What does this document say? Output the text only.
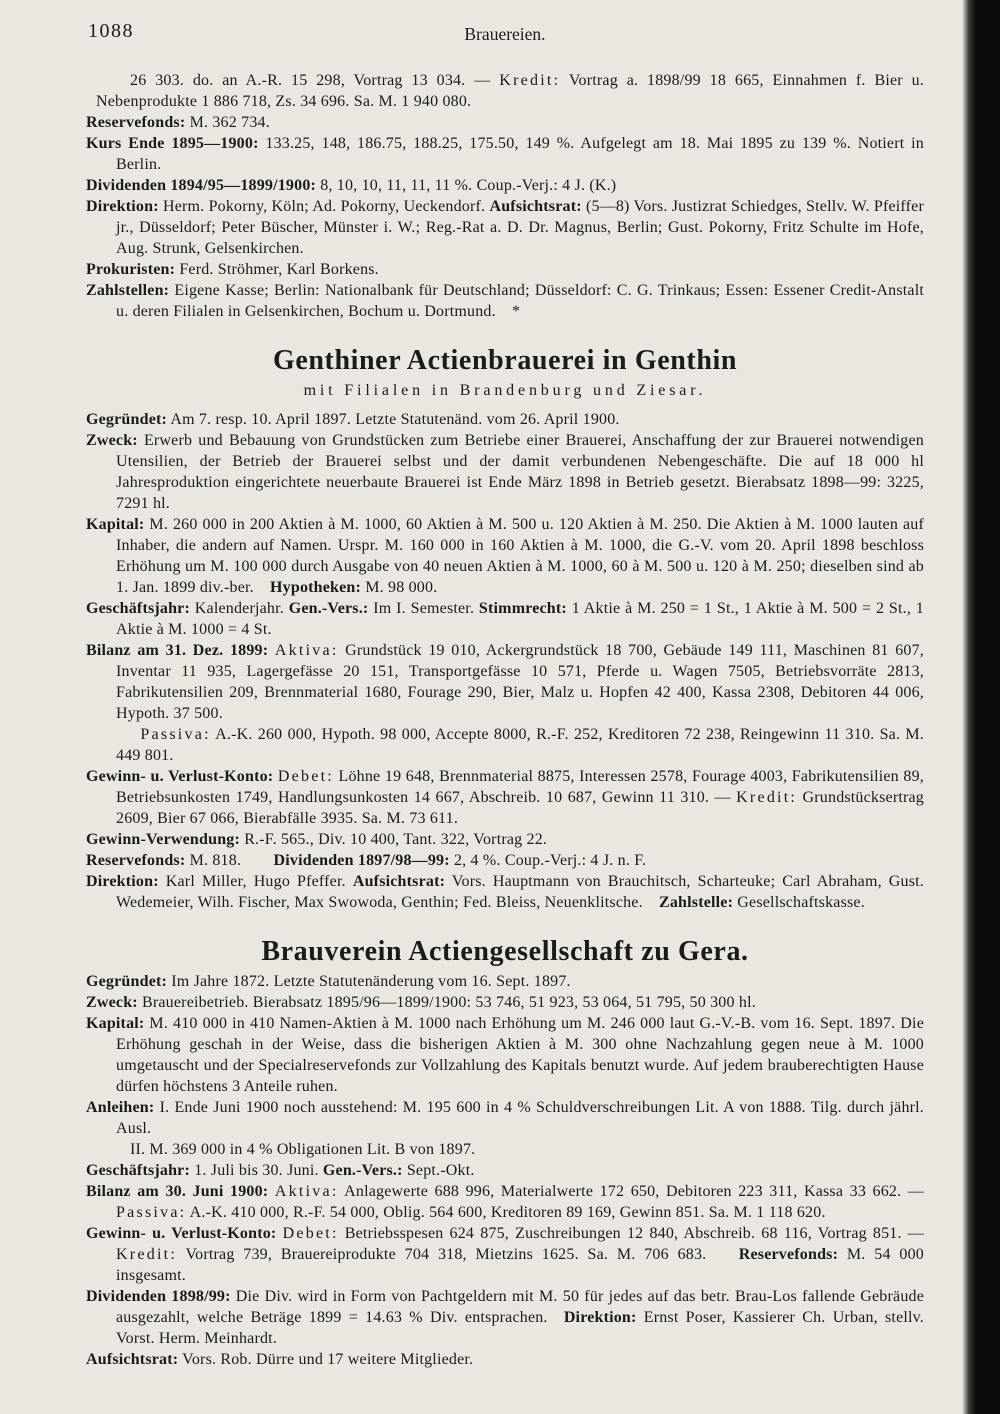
1088	Brauereien.

26 303. do. an A.-R. 15 298, Vortrag 13 034. — Kredit: Vortrag a. 1898/99 18 665, Einnahmen f. Bier u. Nebenprodukte 1 886 718, Zs. 34 696. Sa. M. 1 940 080.

Reservefonds: M. 362 734.

Kurs Ende 1895—1900: 133.25, 148, 186.75, 188.25, 175.50, 149 %. Aufgelegt am 18. Mai 1895 zu 139 %. Notiert in Berlin.

Dividenden 1894/95—1899/1900: 8, 10, 10, 11, 11, 11 %. Coup.-Verj.: 4 J. (K.)

Direktion: Herm. Pokorny, Köln; Ad. Pokorny, Ueckendorf. Aufsichtsrat: (5—8) Vors. Justizrat Schiedges, Stellv. W. Pfeiffer jr., Düsseldorf; Peter Büscher, Münster i. W.; Reg.-Rat a. D. Dr. Magnus, Berlin; Gust. Pokorny, Fritz Schulte im Hofe, Aug. Strunk, Gelsenkirchen.

Prokuristen: Ferd. Ströhmer, Karl Borkens.

Zahlstellen: Eigene Kasse; Berlin: Nationalbank für Deutschland; Düsseldorf: C. G. Trinkaus; Essen: Essener Credit-Anstalt u. deren Filialen in Gelsenkirchen, Bochum u. Dortmund. *

Genthiner Actienbrauerei in Genthin
mit Filialen in Brandenburg und Ziesar.

Gegründet: Am 7. resp. 10. April 1897. Letzte Statutenänd. vom 26. April 1900.

Zweck: Erwerb und Bebauung von Grundstücken zum Betriebe einer Brauerei, Anschaffung der zur Brauerei notwendigen Utensilien, der Betrieb der Brauerei selbst und der damit verbundenen Nebengeschäfte. Die auf 18 000 hl Jahresproduktion eingerichtete neuerbaute Brauerei ist Ende März 1898 in Betrieb gesetzt. Bierabsatz 1898—99: 3225, 7291 hl.

Kapital: M. 260 000 in 200 Aktien à M. 1000, 60 Aktien à M. 500 u. 120 Aktien à M. 250. Die Aktien à M. 1000 lauten auf Inhaber, die andern auf Namen. Urspr. M. 160 000 in 160 Aktien à M. 1000, die G.-V. vom 20. April 1898 beschloss Erhöhung um M. 100 000 durch Ausgabe von 40 neuen Aktien à M. 1000, 60 à M. 500 u. 120 à M. 250; dieselben sind ab 1. Jan. 1899 div.-ber. Hypotheken: M. 98 000.

Geschäftsjahr: Kalenderjahr. Gen.-Vers.: Im I. Semester. Stimmrecht: 1 Aktie à M. 250 = 1 St., 1 Aktie à M. 500 = 2 St., 1 Aktie à M. 1000 = 4 St.

Bilanz am 31. Dez. 1899: Aktiva: Grundstück 19 010, Ackergrundstück 18 700, Gebäude 149 111, Maschinen 81 607, Inventar 11 935, Lagergefässe 20 151, Transportgefässe 10 571, Pferde u. Wagen 7505, Betriebsvorräte 2813, Fabrikutensilien 209, Brennmaterial 1680, Fourage 290, Bier, Malz u. Hopfen 42 400, Kassa 2308, Debitoren 44 006, Hypoth. 37 500.
  Passiva: A.-K. 260 000, Hypoth. 98 000, Accepte 8000, R.-F. 252, Kreditoren 72 238, Reingewinn 11 310. Sa. M. 449 801.

Gewinn- u. Verlust-Konto: Debet: Löhne 19 648, Brennmaterial 8875, Interessen 2578, Fourage 4003, Fabrikutensilien 89, Betriebsunkosten 1749, Handlungsunkosten 14 667, Abschreib. 10 687, Gewinn 11 310. — Kredit: Grundstücksertrag 2609, Bier 67 066, Bierabfälle 3935. Sa. M. 73 611.

Gewinn-Verwendung: R.-F. 565., Div. 10 400, Tant. 322, Vortrag 22.

Reservefonds: M. 818.  Dividenden 1897/98—99: 2, 4 %. Coup.-Verj.: 4 J. n. F.

Direktion: Karl Miller, Hugo Pfeffer. Aufsichtsrat: Vors. Hauptmann von Brauchitsch, Scharteuke; Carl Abraham, Gust. Wedemeier, Wilh. Fischer, Max Swowoda, Genthin; Fed. Bleiss, Neuenklitsche. Zahlstelle: Gesellschaftskasse.

Brauverein Actiengesellschaft zu Gera.

Gegründet: Im Jahre 1872. Letzte Statutenänderung vom 16. Sept. 1897.

Zweck: Brauereibetrieb. Bierabsatz 1895/96—1899/1900: 53 746, 51 923, 53 064, 51 795, 50 300 hl.

Kapital: M. 410 000 in 410 Namen-Aktien à M. 1000 nach Erhöhung um M. 246 000 laut G.-V.-B. vom 16. Sept. 1897. Die Erhöhung geschah in der Weise, dass die bisherigen Aktien à M. 300 ohne Nachzahlung gegen neue à M. 1000 umgetauscht und der Specialreservefonds zur Vollzahlung des Kapitals benutzt wurde. Auf jedem brauberechtigten Hause dürfen höchstens 3 Anteile ruhen.

Anleihen: I. Ende Juni 1900 noch ausstehend: M. 195 600 in 4 % Schuldverschreibungen Lit. A von 1888. Tilg. durch jährl. Ausl.

II. M. 369 000 in 4 % Obligationen Lit. B von 1897.

Geschäftsjahr: 1. Juli bis 30. Juni. Gen.-Vers.: Sept.-Okt.

Bilanz am 30. Juni 1900: Aktiva: Anlagewerte 688 996, Materialwerte 172 650, Debitoren 223 311, Kassa 33 662. — Passiva: A.-K. 410 000, R.-F. 54 000, Oblig. 564 600, Kreditoren 89 169, Gewinn 851. Sa. M. 1 118 620.

Gewinn- u. Verlust-Konto: Debet: Betriebsspesen 624 875, Zuschreibungen 12 840, Abschreib. 68 116, Vortrag 851. — Kredit: Vortrag 739, Brauereiprodukte 704 318, Mietzins 1625. Sa. M. 706 683.  Reservefonds: M. 54 000 insgesamt.

Dividenden 1898/99: Die Div. wird in Form von Pachtgeldern mit M. 50 für jedes auf das betr. Brau-Los fallende Gebräude ausgezahlt, welche Beträge 1899 = 14.63 % Div. entsprachen. Direktion: Ernst Poser, Kassierer Ch. Urban, stellv. Vorst. Herm. Meinhardt.

Aufsichtsrat: Vors. Rob. Dürre und 17 weitere Mitglieder.
